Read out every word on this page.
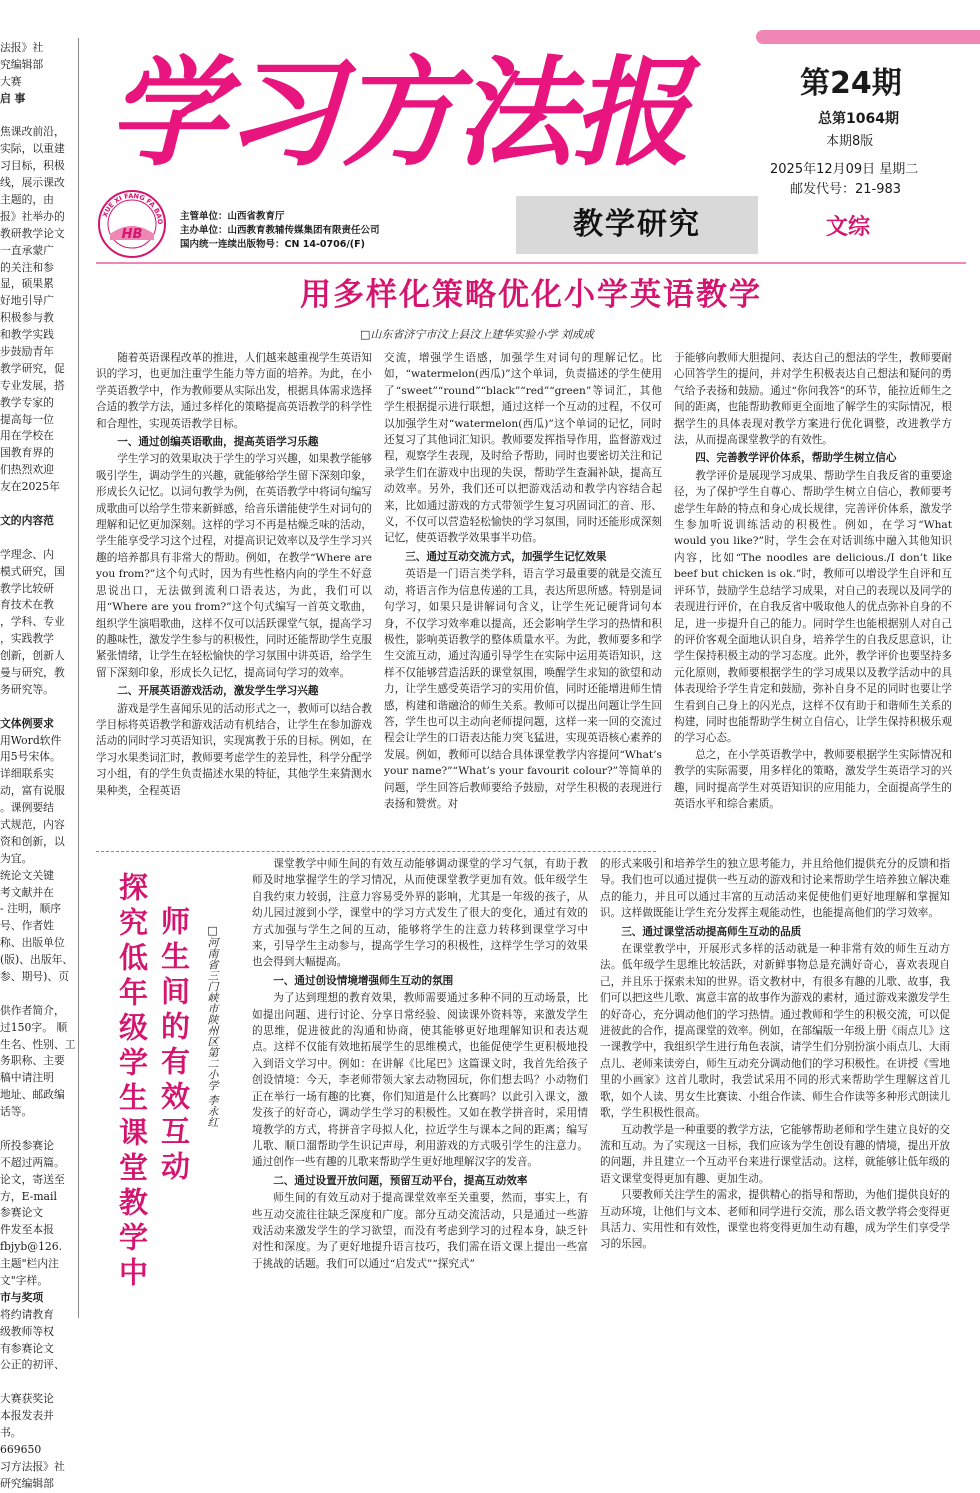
法报》社
究编辑部
大赛
启 事
焦课改前沿，
实际，以重建
习目标，积极
线，展示课改
主题的，由
报》社举办的
教研教学论文
一直承蒙广
的关注和参
显，硕果累
好地引导广
积极参与教
和教学实践
步鼓励青年
教学研究，促
专业发展，搭
教学专家的
提高每一位
用在学校在
国教育界的
们热烈欢迎
友在2025年
文的内容范
学理念、内
模式研究，国
教学比较研
育技术在教
，学科、专业
，实践教学
创新，创新人
曼与研究，教
务研究等。
文体例要求
用Word软件
用5号宋体。
详细联系实
动，富有说服
。课例要结
式规范，内容
资和创新，以
为宜。
统论文关键
考文献并在
- 注明，顺序
号、作者姓
称、出版单位
(版)、出版年、
参、期号)、页
供作者简介，
过150字。 顺
生名、性别、工
务职称、主要
稿中请注明
地址、邮政编
话等。
所投参赛论
不超过两篇。
论文，寄送至
方，E-mail
参赛论文
件发至本报
fbjyb@126.
主题"栏内注
文"字样。
市与奖项
将约请教育
级教师等权
有参赛论文
公正的初评、
大赛获奖论
本报发表并
书。
669650
习方法报》社
研究编辑部
学习方法报	第24期
总第1064期
本期8版
2025年12月09日 星期二
邮发代号：21-983
HB
XUE XI FANG FA BAO 主管单位：山西省教育厅
主办单位：山西教育教辅传媒集团有限责任公司
国内统一连续出版物号：CN 14-0706/(F)
教学研究	文综
用多样化策略优化小学英语教学
□山东省济宁市汶上县汶上建华实验小学 刘成成

随着英语课程改革的推进，人们越来越重视学生英语知识的学习，也更加注重学生能力等方面的培养。为此，在小学英语教学中，作为教师要从实际出发，根据具体需求选择合适的教学方法，通过多样化的策略提高英语教学的科学性和合理性，实现英语教学目标。

一、通过创编英语歌曲，提高英语学习乐趣

学生学习的效果取决于学生的学习兴趣，如果教学能够吸引学生，调动学生的兴趣，就能够给学生留下深刻印象，形成长久记忆。以词句教学为例，在英语教学中将词句编写成歌曲可以给学生带来新鲜感，给音乐谱能使学生对词句的理解和记忆更加深刻。这样的学习不再是枯燥乏味的活动，学生能享受学习这个过程，对提高识记效率以及学生学习兴趣的培养都具有非常大的帮助。例如，在教学“Where are you from?”这个句式时，因为有些性格内向的学生不好意思说出口，无法做到流利口语表达，为此，我们可以用“Where are you from?”这个句式编写一首英文歌曲，组织学生演唱歌曲，这样不仅可以活跃课堂气氛，提高学习的趣味性，激发学生参与的积极性，同时还能帮助学生克服紧张情绪，让学生在轻松愉快的学习氛围中讲英语，给学生留下深刻印象，形成长久记忆，提高词句学习的效率。

二、开展英语游戏活动，激发学生学习兴趣

游戏是学生喜闻乐见的活动形式之一，教师可以结合教学目标将英语教学和游戏活动有机结合，让学生在参加游戏活动的同时学习英语知识，实现寓教于乐的目标。例如，在学习水果类词汇时，教师要考虑学生的差异性，科学分配学习小组，有的学生负责描述水果的特征，其他学生来猜测水果种类，全程英语

交流，增强学生语感，加强学生对词句的理解记忆。比如，“watermelon(西瓜)”这个单词，负责描述的学生使用了“sweet”“round”“black”“red”“green”等词汇，其他学生根据提示进行联想，通过这样一个互动的过程，不仅可以加强学生对“watermelon(西瓜)”这个单词的记忆，同时还复习了其他词汇知识。教师要发挥指导作用，监督游戏过程，观察学生表现，及时给予帮助，同时也要密切关注和记录学生们在游戏中出现的失误，帮助学生查漏补缺，提高互动效率。另外，我们还可以把游戏活动和教学内容结合起来，比如通过游戏的方式带领学生复习巩固词汇的音、形、义，不仅可以营造轻松愉快的学习氛围，同时还能形成深刻记忆，使英语教学效果事半功倍。

三、通过互动交流方式，加强学生记忆效果

英语是一门语言类学科，语言学习最重要的就是交流互动，将语言作为信息传递的工具，表达所思所感。特别是词句学习，如果只是讲解词句含义，让学生死记硬背词句本身，不仅学习效率难以提高，还会影响学生学习的热情和积极性，影响英语教学的整体质量水平。为此，教师要多和学生交流互动，通过沟通引导学生在实际中运用英语知识，这样不仅能够营造活跃的课堂氛围，唤醒学生求知的欲望和动力，让学生感受英语学习的实用价值，同时还能增进师生情感，构建和谐融洽的师生关系。教师可以提出问题让学生回答，学生也可以主动向老师提问题，这样一来一回的交流过程会让学生的口语表达能力突飞猛进，实现英语核心素养的发展。例如，教师可以结合具体课堂教学内容提问“What’s your name?”“What’s your favourit colour?”等简单的问题，学生回答后教师要给予鼓励，对学生积极的表现进行表扬和赞赏。对

于能够向教师大胆提问、表达自己的想法的学生，教师要耐心回答学生的提问，并对学生积极表达自己想法和疑问的勇气给予表扬和鼓励。通过“你问我答”的环节，能拉近师生之间的距离，也能帮助教师更全面地了解学生的实际情况，根据学生的具体表现对教学方案进行优化调整，改进教学方法，从而提高课堂教学的有效性。

四、完善教学评价体系，帮助学生树立信心

教学评价是展现学习成果、帮助学生自我反省的重要途径，为了保护学生自尊心、帮助学生树立自信心，教师要考虑学生年龄的特点和身心成长规律，完善评价体系，激发学生参加听说训练活动的积极性。例如，在学习“What would you like?”时，学生会在对话训练中融入其他知识内容，比如“The noodles are delicious./I don’t like beef but chicken is ok.”时，教师可以增设学生自评和互评环节，鼓励学生总结学习成果，对自己的表现以及同学的表现进行评价，在自我反省中吸取他人的优点弥补自身的不足，进一步提升自己的能力。同时学生也能根据别人对自己的评价客观全面地认识自身，培养学生的自我反思意识，让学生保持积极主动的学习态度。此外，教学评价也要坚持多元化原则，教师要根据学生的学习成果以及教学活动中的具体表现给予学生肯定和鼓励，弥补自身不足的同时也要让学生看到自己身上的闪光点，这样不仅有助于和谐师生关系的构建，同时也能帮助学生树立自信心，让学生保持积极乐观的学习心态。

总之，在小学英语教学中，教师要根据学生实际情况和教学的实际需要，用多样化的策略，激发学生英语学习的兴趣，同时提高学生对英语知识的应用能力，全面提高学生的英语水平和综合素质。

探究低年级学生课堂教学中 师生间的有效互动	□河南省三门峡市陕州区第二小学 李永红

课堂教学中师生间的有效互动能够调动课堂的学习气氛，有助于教师及时地掌握学生的学习情况，从而使课堂教学更加有效。低年级学生自我约束力较弱，注意力容易受外界的影响，尤其是一年级的孩子，从幼儿园过渡到小学，课堂中的学习方式发生了很大的变化，通过有效的方式加强与学生之间的互动，能够将学生的注意力转移到课堂学习中来，引导学生主动参与，提高学生学习的积极性，这样学生学习的效果也会得到大幅提高。

一、通过创设情境增强师生互动的氛围

为了达到理想的教育效果，教师需要通过多种不同的互动场景，比如提出问题、进行讨论、分享日常经验、阅读课外资料等，来激发学生的思维，促进彼此的沟通和协商，使其能够更好地理解知识和表达观点。这样不仅能有效地拓展学生的思维模式，也能促使学生更积极地投入到语文学习中。例如：在讲解《比尾巴》这篇课文时，我首先给孩子创设情境：今天，李老师带领大家去动物园玩，你们想去吗？小动物们正在举行一场有趣的比赛，你们知道是什么比赛吗？以此引入课文，激发孩子的好奇心，调动学生学习的积极性。又如在教学拼音时，采用情境教学的方式，将拼音字母拟人化，拉近学生与课本之间的距离；编写儿歌、顺口溜帮助学生识记声母，利用游戏的方式吸引学生的注意力。通过创作一些有趣的儿歌来帮助学生更好地理解汉字的发音。

二、通过设置开放问题，预留互动平台，提高互动效率

师生间的有效互动对于提高课堂效率至关重要，然而，事实上，有些互动交流往往缺乏深度和广度。部分互动交流活动，只是通过一些游戏活动来激发学生的学习欲望，而没有考虑到学习的过程本身，缺乏针对性和深度。为了更好地提升语言技巧，我们需在语文课上提出一些富于挑战的话题。我们可以通过“启发式”“探究式”

的形式来吸引和培养学生的独立思考能力，并且给他们提供充分的反馈和指导。我们也可以通过提供一些互动的游戏和讨论来帮助学生培养独立解决难点的能力，并且可以通过丰富的互动活动来促使他们更好地理解和掌握知识。这样做既能让学生充分发挥主观能动性，也能提高他们的学习效率。

三、通过课堂活动提高师生互动的品质

在课堂教学中，开展形式多样的活动就是一种非常有效的师生互动方法。低年级学生思维比较活跃，对新鲜事物总是充满好奇心，喜欢表现自己，并且乐于探索未知的世界。语文教材中，有很多有趣的儿歌、故事，我们可以把这些儿歌、寓意丰富的故事作为游戏的素材，通过游戏来激发学生的好奇心，充分调动他们的学习热情。通过教师和学生的积极交流，可以促进彼此的合作，提高课堂的效率。例如，在部编版一年级上册《雨点儿》这一课教学中，我组织学生进行角色表演，请学生们分别扮演小雨点儿、大雨点儿、老师来读旁白，师生互动充分调动他们的学习积极性。在讲授《雪地里的小画家》这首儿歌时，我尝试采用不同的形式来帮助学生理解这首儿歌，如个人读、男女生比赛读、小组合作读、师生合作读等多种形式朗读儿歌，学生积极性很高。

互动教学是一种重要的教学方法，它能够帮助老师和学生建立良好的交流和互动。为了实现这一目标，我们应该为学生创设有趣的情境，提出开放的问题，并且建立一个互动平台来进行课堂活动。这样，就能够让低年级的语文课堂变得更加有趣、更加生动。

只要教师关注学生的需求，提供精心的指导和帮助，为他们提供良好的互动环境，让他们与文本、老师和同学进行交流，那么语文教学将会变得更具活力、实用性和有效性，课堂也将变得更加生动有趣，成为学生们享受学习的乐园。
